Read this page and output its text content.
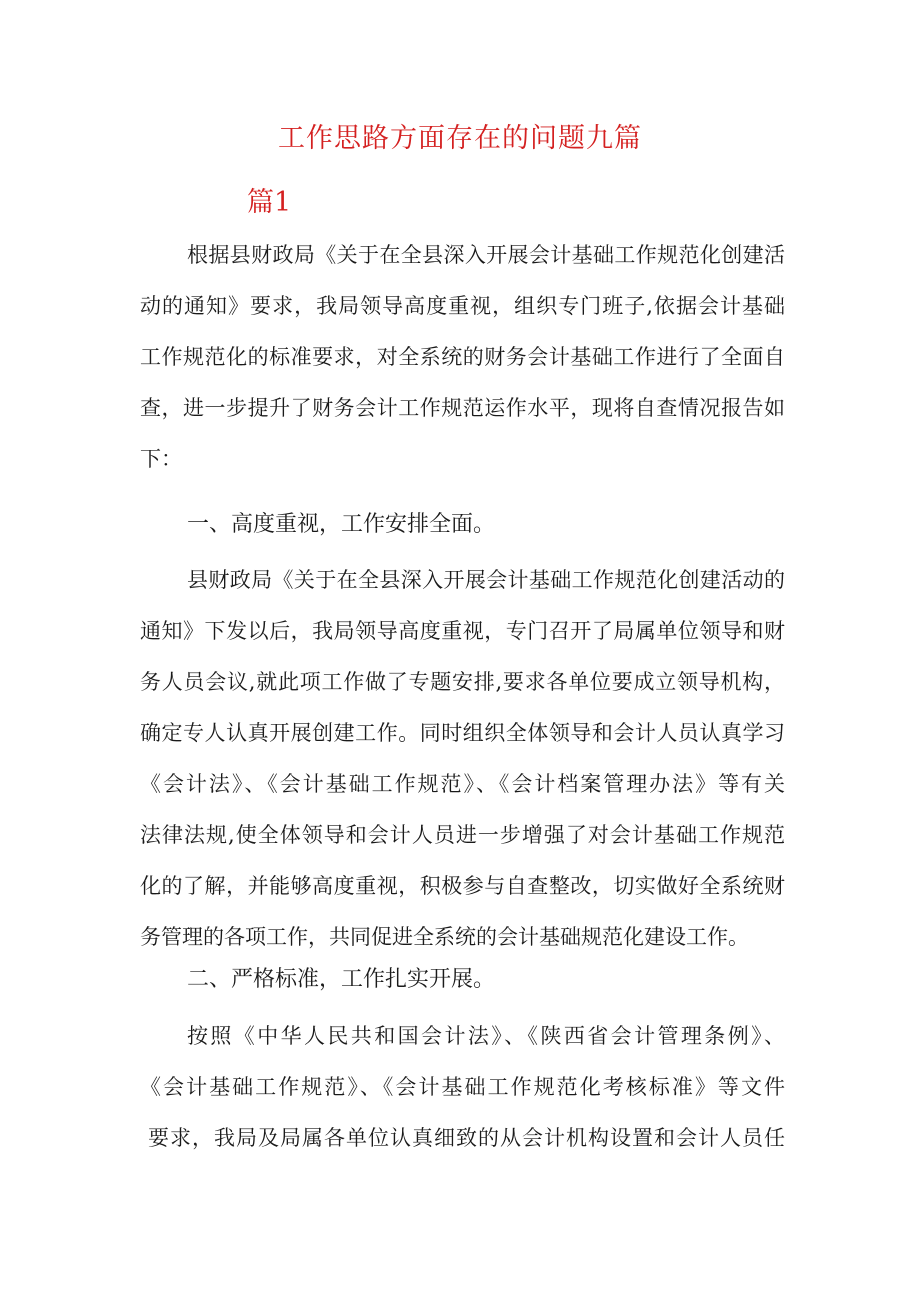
工作思路方面存在的问题九篇
篇1
根据县财政局《关于在全县深入开展会计基础工作规范化创建活
动的通知》要求，我局领导高度重视，组织专门班子,依据会计基础
工作规范化的标准要求，对全系统的财务会计基础工作进行了全面自
查，进一步提升了财务会计工作规范运作水平，现将自查情况报告如
下：
一、高度重视，工作安排全面。
县财政局《关于在全县深入开展会计基础工作规范化创建活动的
通知》下发以后，我局领导高度重视，专门召开了局属单位领导和财
务人员会议,就此项工作做了专题安排,要求各单位要成立领导机构，
确定专人认真开展创建工作。同时组织全体领导和会计人员认真学习
《会计法》、《会计基础工作规范》、《会计档案管理办法》等有关
法律法规,使全体领导和会计人员进一步增强了对会计基础工作规范
化的了解，并能够高度重视，积极参与自查整改，切实做好全系统财
务管理的各项工作，共同促进全系统的会计基础规范化建设工作。
二、严格标准，工作扎实开展。
按照《中华人民共和国会计法》、《陕西省会计管理条例》、
《会计基础工作规范》、《会计基础工作规范化考核标准》等文件
要求，我局及局属各单位认真细致的从会计机构设置和会计人员任
